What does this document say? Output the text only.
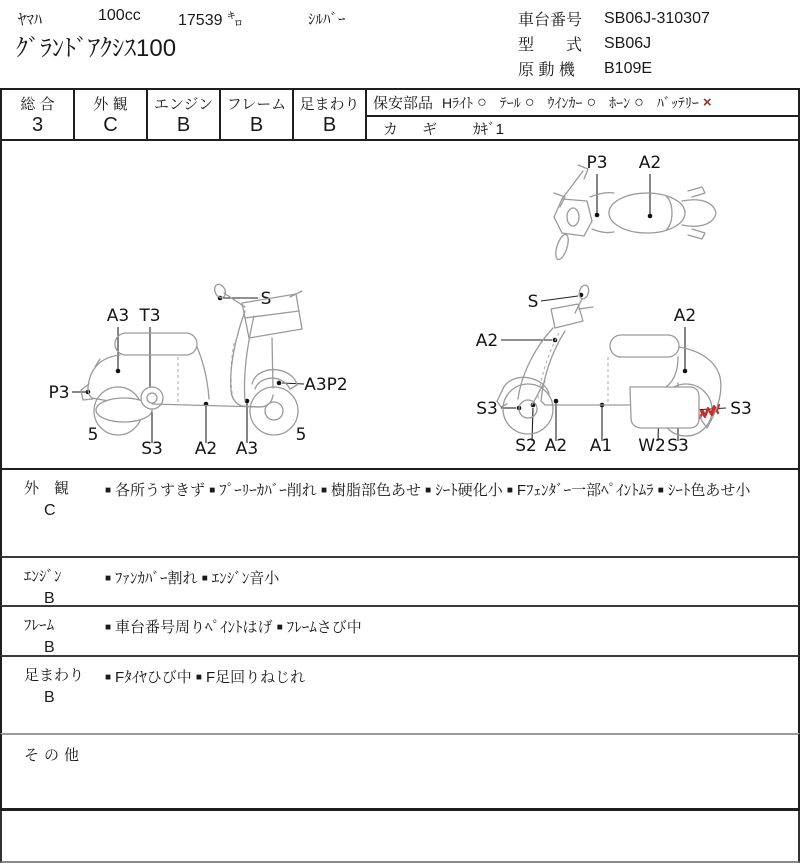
ﾔﾏﾊ	100cc 17539 ㌔	ｼﾙﾊﾞｰ
ｸﾞﾗﾝﾄﾞｱｸｼｽ100
車台番号	SB06J-310307
型　　式	SB06J
原 動 機	B109E
総 合
3
外 観
C
エンジン
B
フレーム
B
足まわり
B
保安部品 Hﾗｲﾄ ○ ﾃｰﾙ ○ ｳｲﾝｶｰ ○ ﾎｰﾝ ○ ﾊﾞｯﾃﾘｰ ×
カ ギ ｶｷﾞ1
P3 A2
S
A3 T3
P3	A3P2
5
S3 A2 A3
5
S
A2
S3
S2 A2 A1 W2 S3
A2
S3
外　観
C
■ 各所うすきず ■ ﾌﾟｰﾘｰｶﾊﾞｰ削れ ■ 樹脂部色あせ ■ ｼｰﾄ硬化小 ■ Fﾌｪﾝﾀﾞｰ一部ﾍﾟｲﾝﾄﾑﾗ ■ ｼｰﾄ色あせ小
ｴﾝｼﾞﾝ
B
■ ﾌｧﾝｶﾊﾞｰ割れ ■ ｴﾝｼﾞﾝ音小
ﾌﾚｰﾑ
B
■ 車台番号周りﾍﾟｲﾝﾄはげ ■ ﾌﾚｰﾑさび中
足まわり
B
■ Fﾀｲﾔひび中 ■ F足回りねじれ
その他
